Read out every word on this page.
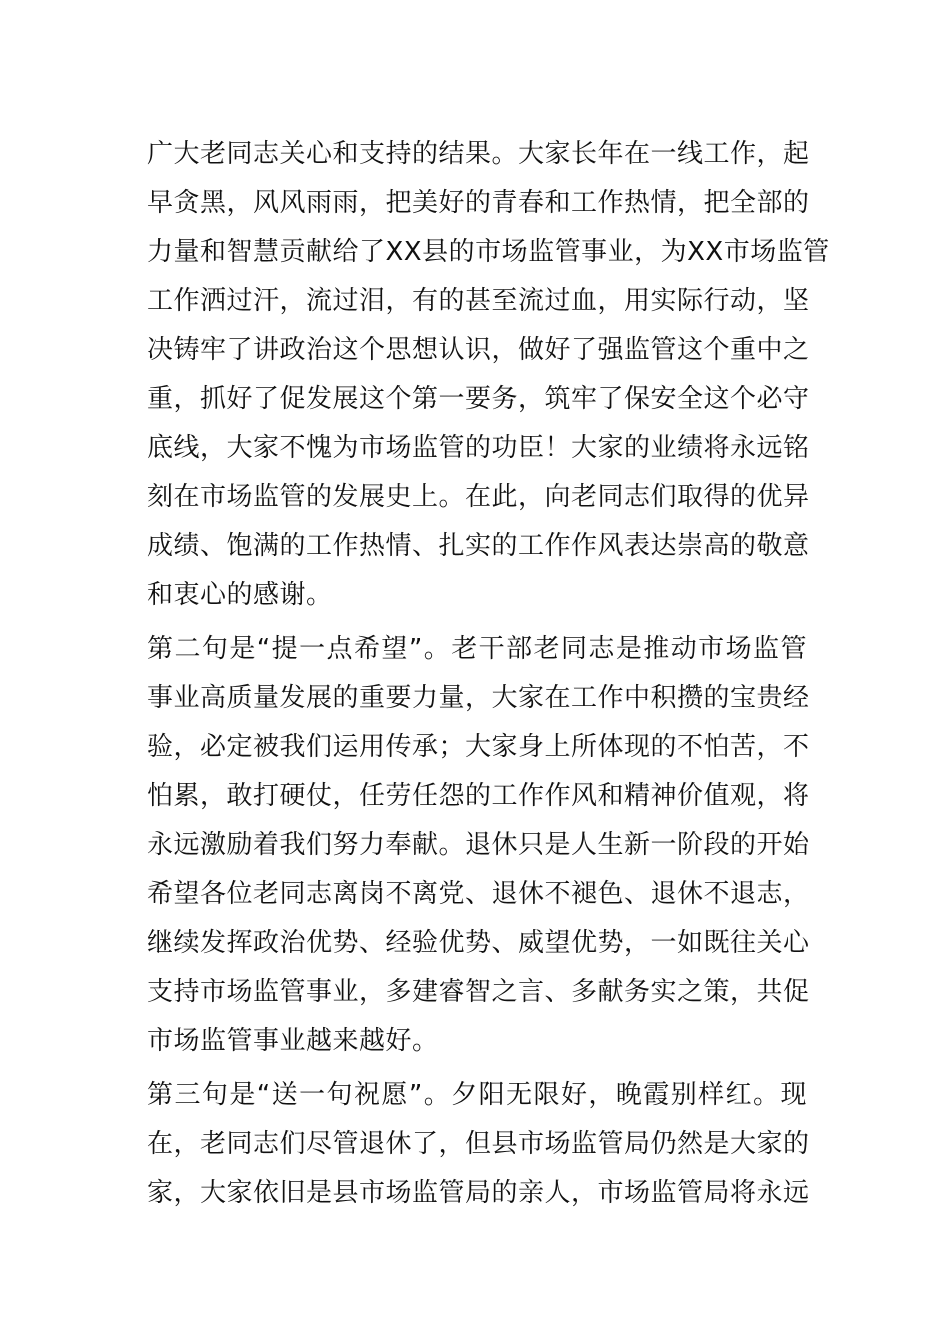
广大老同志关心和支持的结果。大家长年在一线工作，起
早贪黑，风风雨雨，把美好的青春和工作热情，把全部的
力量和智慧贡献给了XX县的市场监管事业，为XX市场监管
工作洒过汗，流过泪，有的甚至流过血，用实际行动，坚
决铸牢了讲政治这个思想认识，做好了强监管这个重中之
重，抓好了促发展这个第一要务，筑牢了保安全这个必守
底线，大家不愧为市场监管的功臣！大家的业绩将永远铭
刻在市场监管的发展史上。在此，向老同志们取得的优异
成绩、饱满的工作热情、扎实的工作作风表达崇高的敬意
和衷心的感谢。
第二句是“提一点希望”。老干部老同志是推动市场监管
事业高质量发展的重要力量，大家在工作中积攒的宝贵经
验，必定被我们运用传承；大家身上所体现的不怕苦，不
怕累，敢打硬仗，任劳任怨的工作作风和精神价值观，将
永远激励着我们努力奉献。退休只是人生新一阶段的开始
希望各位老同志离岗不离党、退休不褪色、退休不退志，
继续发挥政治优势、经验优势、威望优势，一如既往关心
支持市场监管事业，多建睿智之言、多献务实之策，共促
市场监管事业越来越好。
第三句是“送一句祝愿”。夕阳无限好，晚霞别样红。现
在，老同志们尽管退休了，但县市场监管局仍然是大家的
家，大家依旧是县市场监管局的亲人，市场监管局将永远
